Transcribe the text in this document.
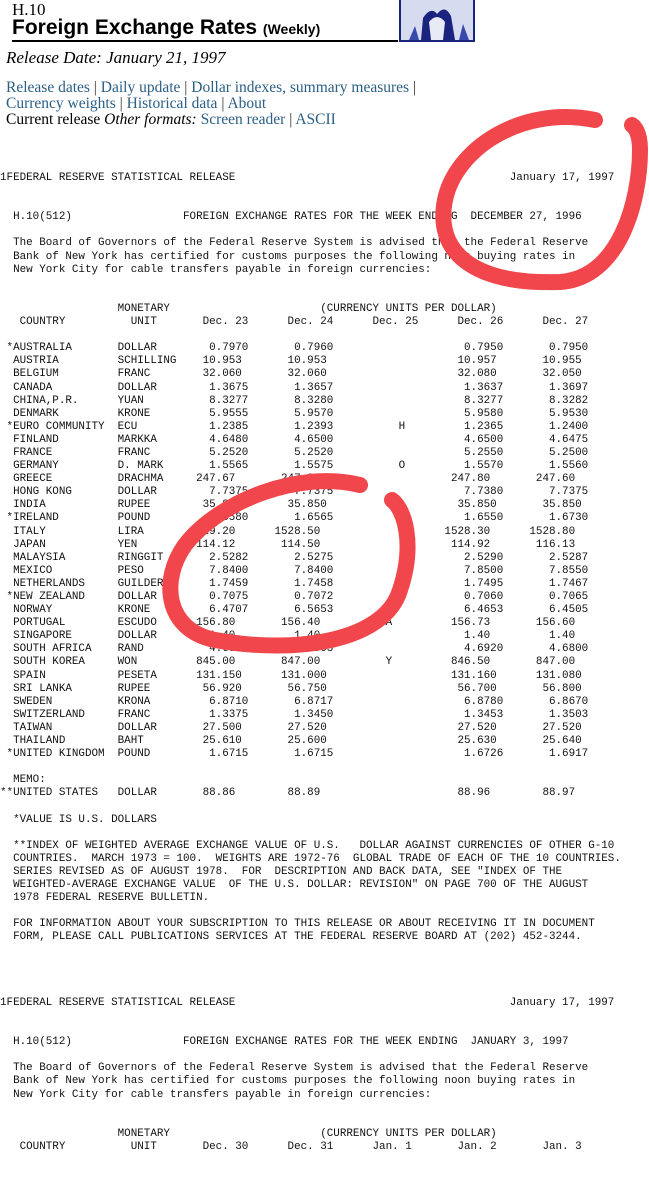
H.10
Foreign Exchange Rates (Weekly)
Release Date: January 21, 1997
Release dates | Daily update | Dollar indexes, summary measures |
Currency weights | Historical data | About
Current release Other formats: Screen reader | ASCII
1FEDERAL RESERVE STATISTICAL RELEASE                                          January 17, 1997

H.10(512)                 FOREIGN EXCHANGE RATES FOR THE WEEK ENDING  DECEMBER 27, 1996

The Board of Governors of the Federal Reserve System is advised that the Federal Reserve
Bank of New York has certified for customs purposes the following noon buying rates in
New York City for cable transfers payable in foreign currencies:

MONETARY                       (CURRENCY UNITS PER DOLLAR)
COUNTRY          UNIT       Dec. 23      Dec. 24      Dec. 25      Dec. 26      Dec. 27

*AUSTRALIA       DOLLAR        0.7970       0.7960                    0.7950       0.7950
AUSTRIA         SCHILLING    10.953       10.953                    10.957       10.955
BELGIUM         FRANC        32.060       32.060                    32.080       32.050
CANADA          DOLLAR        1.3675       1.3657                    1.3637       1.3697
CHINA,P.R.      YUAN          8.3277       8.3280                    8.3277       8.3282
DENMARK         KRONE         5.9555       5.9570                    5.9580       5.9530
*EURO COMMUNITY  ECU           1.2385       1.2393          H         1.2365       1.2400
FINLAND         MARKKA        4.6480       4.6500                    4.6500       4.6475
FRANCE          FRANC         5.2520       5.2520                    5.2550       5.2500
GERMANY         D. MARK       1.5565       1.5575          O         1.5570       1.5560
GREECE          DRACHMA     247.67       247.90                    247.80       247.60
HONG KONG       DOLLAR        7.7375       7.7375                    7.7380       7.7375
INDIA           RUPEE        35.880       35.850                    35.850       35.850
*IRELAND         POUND         1.6580       1.6565                    1.6550       1.6730
ITALY           LIRA       1529.20      1528.50                   1528.30      1528.80
JAPAN           YEN         114.12       114.50                    114.92       116.13
MALAYSIA        RINGGIT       2.5282       2.5275                    2.5290       2.5287
MEXICO          PESO          7.8400       7.8400                    7.8500       7.8550
NETHERLANDS     GUILDER       1.7459       1.7458                    1.7495       1.7467
*NEW ZEALAND     DOLLAR        0.7075       0.7072                    0.7060       0.7065
NORWAY          KRONE         6.4707       6.5653                    6.4653       6.4505
PORTUGAL        ESCUDO      156.80       156.40          A         156.73       156.60
SINGAPORE       DOLLAR        1.40         1.40                      1.40         1.40
SOUTH AFRICA    RAND          4.6920       4.6905                    4.6920       4.6800
SOUTH KOREA     WON         845.00       847.00          Y         846.50       847.00
SPAIN           PESETA      131.150      131.000                   131.160      131.080
SRI LANKA       RUPEE        56.920       56.750                    56.700       56.800
SWEDEN          KRONA         6.8710       6.8717                    6.8780       6.8670
SWITZERLAND     FRANC         1.3375       1.3450                    1.3453       1.3503
TAIWAN          DOLLAR       27.500       27.520                    27.520       27.520
THAILAND        BAHT         25.610       25.600                    25.630       25.640
*UNITED KINGDOM  POUND         1.6715       1.6715                    1.6726       1.6917

MEMO:
**UNITED STATES   DOLLAR       88.86        88.89                     88.96        88.97

*VALUE IS U.S. DOLLARS

**INDEX OF WEIGHTED AVERAGE EXCHANGE VALUE OF U.S.   DOLLAR AGAINST CURRENCIES OF OTHER G-10
COUNTRIES.  MARCH 1973 = 100.  WEIGHTS ARE 1972-76  GLOBAL TRADE OF EACH OF THE 10 COUNTRIES.
SERIES REVISED AS OF AUGUST 1978.  FOR  DESCRIPTION AND BACK DATA, SEE "INDEX OF THE
WEIGHTED-AVERAGE EXCHANGE VALUE  OF THE U.S. DOLLAR: REVISION" ON PAGE 700 OF THE AUGUST
1978 FEDERAL RESERVE BULLETIN.

FOR INFORMATION ABOUT YOUR SUBSCRIPTION TO THIS RELEASE OR ABOUT RECEIVING IT IN DOCUMENT
FORM, PLEASE CALL PUBLICATIONS SERVICES AT THE FEDERAL RESERVE BOARD AT (202) 452-3244.

1FEDERAL RESERVE STATISTICAL RELEASE                                          January 17, 1997

H.10(512)                 FOREIGN EXCHANGE RATES FOR THE WEEK ENDING  JANUARY 3, 1997

The Board of Governors of the Federal Reserve System is advised that the Federal Reserve
Bank of New York has certified for customs purposes the following noon buying rates in
New York City for cable transfers payable in foreign currencies:

MONETARY                       (CURRENCY UNITS PER DOLLAR)
COUNTRY          UNIT       Dec. 30      Dec. 31      Jan. 1       Jan. 2       Jan. 3
